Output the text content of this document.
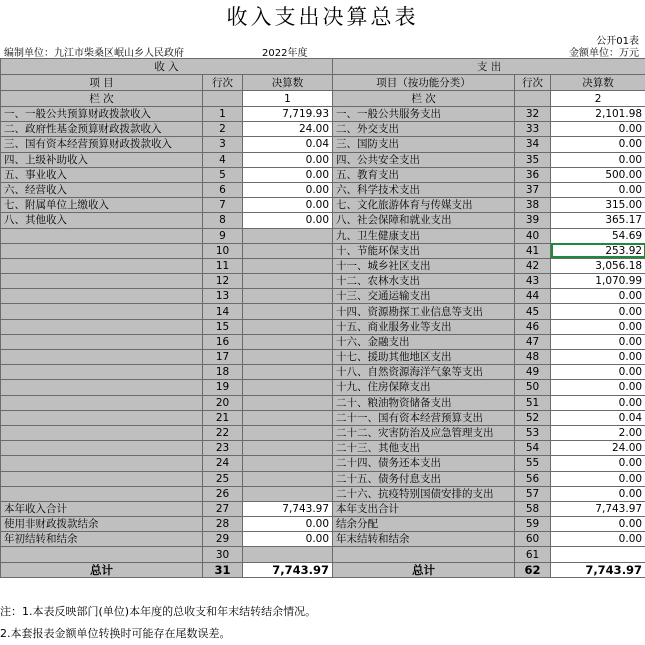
收入支出决算总表
公开01表
编制单位：九江市柴桑区岷山乡人民政府	2022年度	金额单位：万元
收 入			支 出		
项 目	行次	决算数	项目（按功能分类）	行次	决算数
栏 次		1	栏 次		2
一、一般公共预算财政拨款收入	1	7,719.93	一、一般公共服务支出	32	2,101.98
二、政府性基金预算财政拨款收入	2	24.00	二、外交支出	33	0.00
三、国有资本经营预算财政拨款收入	3	0.04	三、国防支出	34	0.00
四、上级补助收入	4	0.00	四、公共安全支出	35	0.00
五、事业收入	5	0.00	五、教育支出	36	500.00
六、经营收入	6	0.00	六、科学技术支出	37	0.00
七、附属单位上缴收入	7	0.00	七、文化旅游体育与传媒支出	38	315.00
八、其他收入	8	0.00	八、社会保障和就业支出	39	365.17
	9		九、卫生健康支出	40	54.69
	10		十、节能环保支出	41	253.92
	11		十一、城乡社区支出	42	3,056.18
	12		十二、农林水支出	43	1,070.99
	13		十三、交通运输支出	44	0.00
	14		十四、资源勘探工业信息等支出	45	0.00
	15		十五、商业服务业等支出	46	0.00
	16		十六、金融支出	47	0.00
	17		十七、援助其他地区支出	48	0.00
	18		十八、自然资源海洋气象等支出	49	0.00
	19		十九、住房保障支出	50	0.00
	20		二十、粮油物资储备支出	51	0.00
	21		二十一、国有资本经营预算支出	52	0.04
	22		二十二、灾害防治及应急管理支出	53	2.00
	23		二十三、其他支出	54	24.00
	24		二十四、债务还本支出	55	0.00
	25		二十五、债务付息支出	56	0.00
	26		二十六、抗疫特别国债安排的支出	57	0.00
本年收入合计	27	7,743.97	本年支出合计	58	7,743.97
使用非财政拨款结余	28	0.00	结余分配	59	0.00
年初结转和结余	29	0.00	年末结转和结余	60	0.00
	30			61	
总计	31	7,743.97	总计	62	7,743.97
注：1.本表反映部门(单位)本年度的总收支和年末结转结余情况。
2.本套报表金额单位转换时可能存在尾数误差。
